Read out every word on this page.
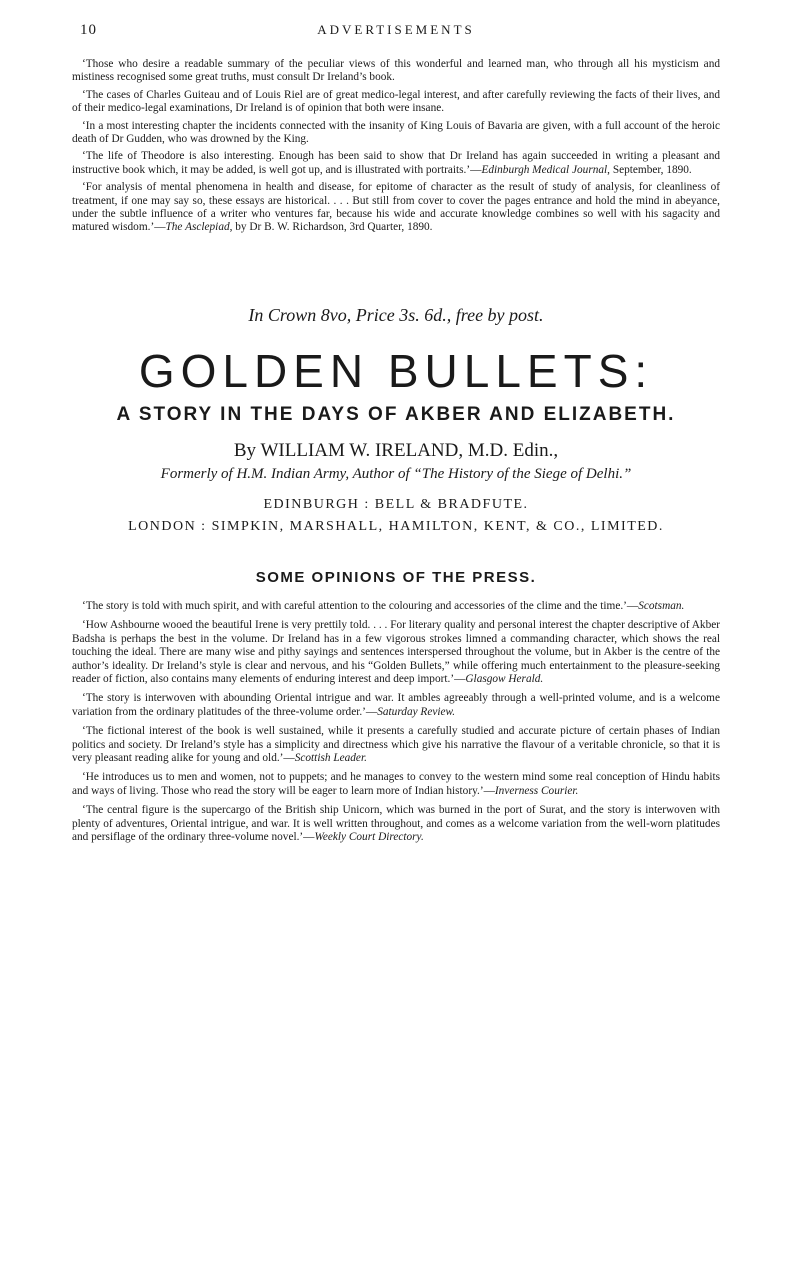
10	ADVERTISEMENTS

‘Those who desire a readable summary of the peculiar views of this wonderful and learned man, who through all his mysticism and mistiness recognised some great truths, must consult Dr Ireland’s book.

‘The cases of Charles Guiteau and of Louis Riel are of great medico-legal interest, and after carefully reviewing the facts of their lives, and of their medico-legal examinations, Dr Ireland is of opinion that both were insane.

‘In a most interesting chapter the incidents connected with the insanity of King Louis of Bavaria are given, with a full account of the heroic death of Dr Gudden, who was drowned by the King.

‘The life of Theodore is also interesting. Enough has been said to show that Dr Ireland has again succeeded in writing a pleasant and instructive book which, it may be added, is well got up, and is illustrated with portraits.’—Edinburgh Medical Journal, September, 1890.

‘For analysis of mental phenomena in health and disease, for epitome of character as the result of study of analysis, for cleanliness of treatment, if one may say so, these essays are historical. . . . But still from cover to cover the pages entrance and hold the mind in abeyance, under the subtle influence of a writer who ventures far, because his wide and accurate knowledge combines so well with his sagacity and matured wisdom.’—The Asclepiad, by Dr B. W. Richardson, 3rd Quarter, 1890.

In Crown 8vo, Price 3s. 6d., free by post.
GOLDEN BULLETS:
A STORY IN THE DAYS OF AKBER AND ELIZABETH.
By WILLIAM W. IRELAND, M.D. Edin.,
Formerly of H.M. Indian Army, Author of “The History of the Siege of Delhi.”
EDINBURGH : BELL & BRADFUTE.
LONDON : SIMPKIN, MARSHALL, HAMILTON, KENT, & CO., LIMITED.
SOME OPINIONS OF THE PRESS.

‘The story is told with much spirit, and with careful attention to the colouring and accessories of the clime and the time.’—Scotsman.

‘How Ashbourne wooed the beautiful Irene is very prettily told. . . . For literary quality and personal interest the chapter descriptive of Akber Badsha is perhaps the best in the volume. Dr Ireland has in a few vigorous strokes limned a commanding character, which shows the real touching the ideal. There are many wise and pithy sayings and sentences interspersed throughout the volume, but in Akber is the centre of the author’s ideality. Dr Ireland’s style is clear and nervous, and his “Golden Bullets,” while offering much entertainment to the pleasure-seeking reader of fiction, also contains many elements of enduring interest and deep import.’—Glasgow Herald.

‘The story is interwoven with abounding Oriental intrigue and war. It ambles agreeably through a well-printed volume, and is a welcome variation from the ordinary platitudes of the three-volume order.’—Saturday Review.

‘The fictional interest of the book is well sustained, while it presents a carefully studied and accurate picture of certain phases of Indian politics and society. Dr Ireland’s style has a simplicity and directness which give his narrative the flavour of a veritable chronicle, so that it is very pleasant reading alike for young and old.’—Scottish Leader.

‘He introduces us to men and women, not to puppets; and he manages to convey to the western mind some real conception of Hindu habits and ways of living. Those who read the story will be eager to learn more of Indian history.’—Inverness Courier.

‘The central figure is the supercargo of the British ship Unicorn, which was burned in the port of Surat, and the story is interwoven with plenty of adventures, Oriental intrigue, and war. It is well written throughout, and comes as a welcome variation from the well-worn platitudes and persiflage of the ordinary three-volume novel.’—Weekly Court Directory.
